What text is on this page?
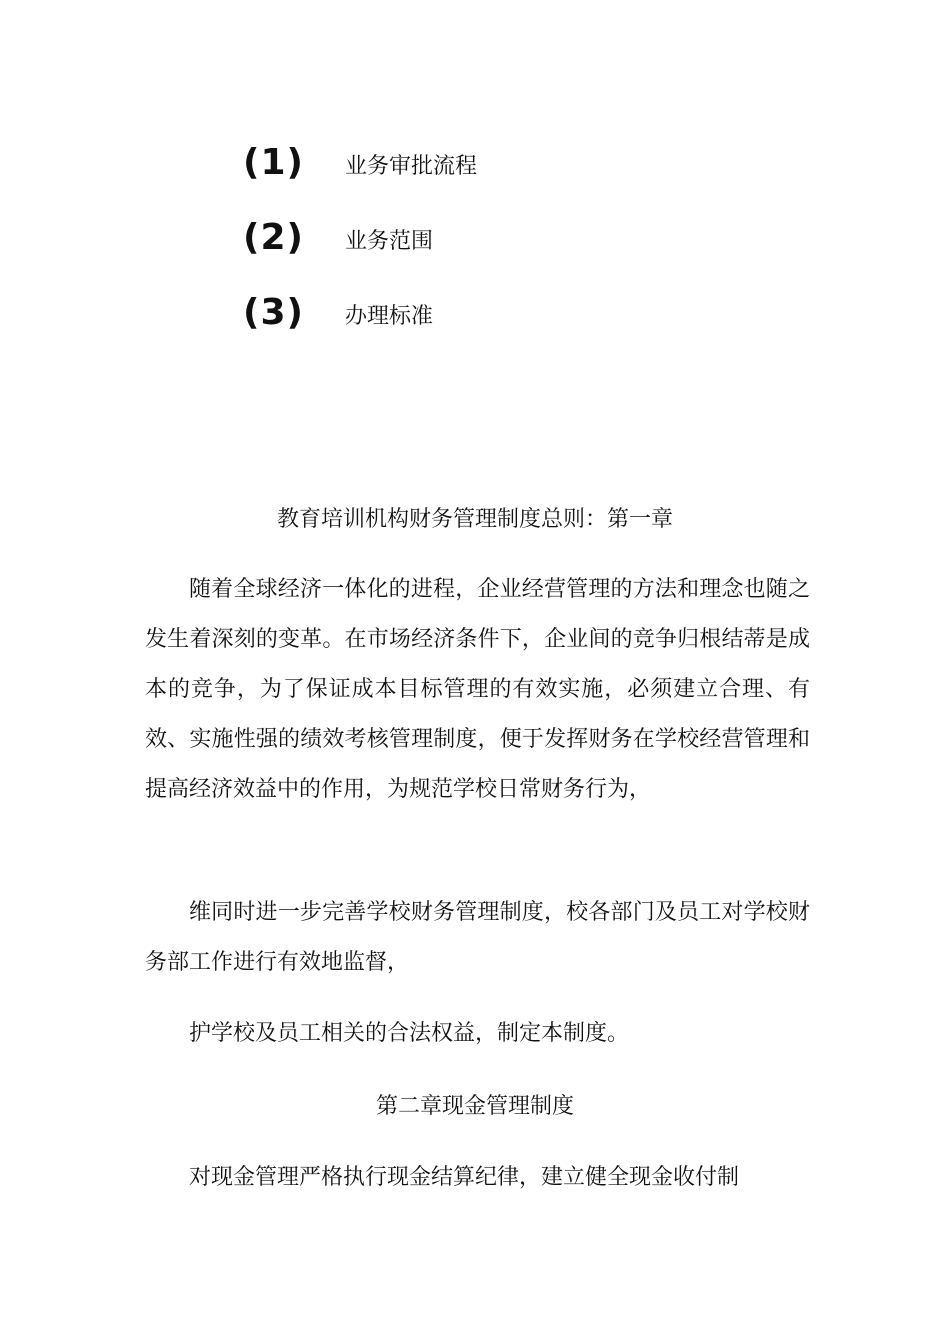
(1) 业务审批流程
(2) 业务范围
(3) 办理标准
教育培训机构财务管理制度总则：第一章

随着全球经济一体化的进程，企业经营管理的方法和理念也随之发生着深刻的变革。在市场经济条件下，企业间的竞争归根结蒂是成本的竞争，为了保证成本目标管理的有效实施，必须建立合理、有效、实施性强的绩效考核管理制度，便于发挥财务在学校经营管理和提高经济效益中的作用，为规范学校日常财务行为，

维同时进一步完善学校财务管理制度，校各部门及员工对学校财务部工作进行有效地监督，

护学校及员工相关的合法权益，制定本制度。

第二章现金管理制度

对现金管理严格执行现金结算纪律，建立健全现金收付制
